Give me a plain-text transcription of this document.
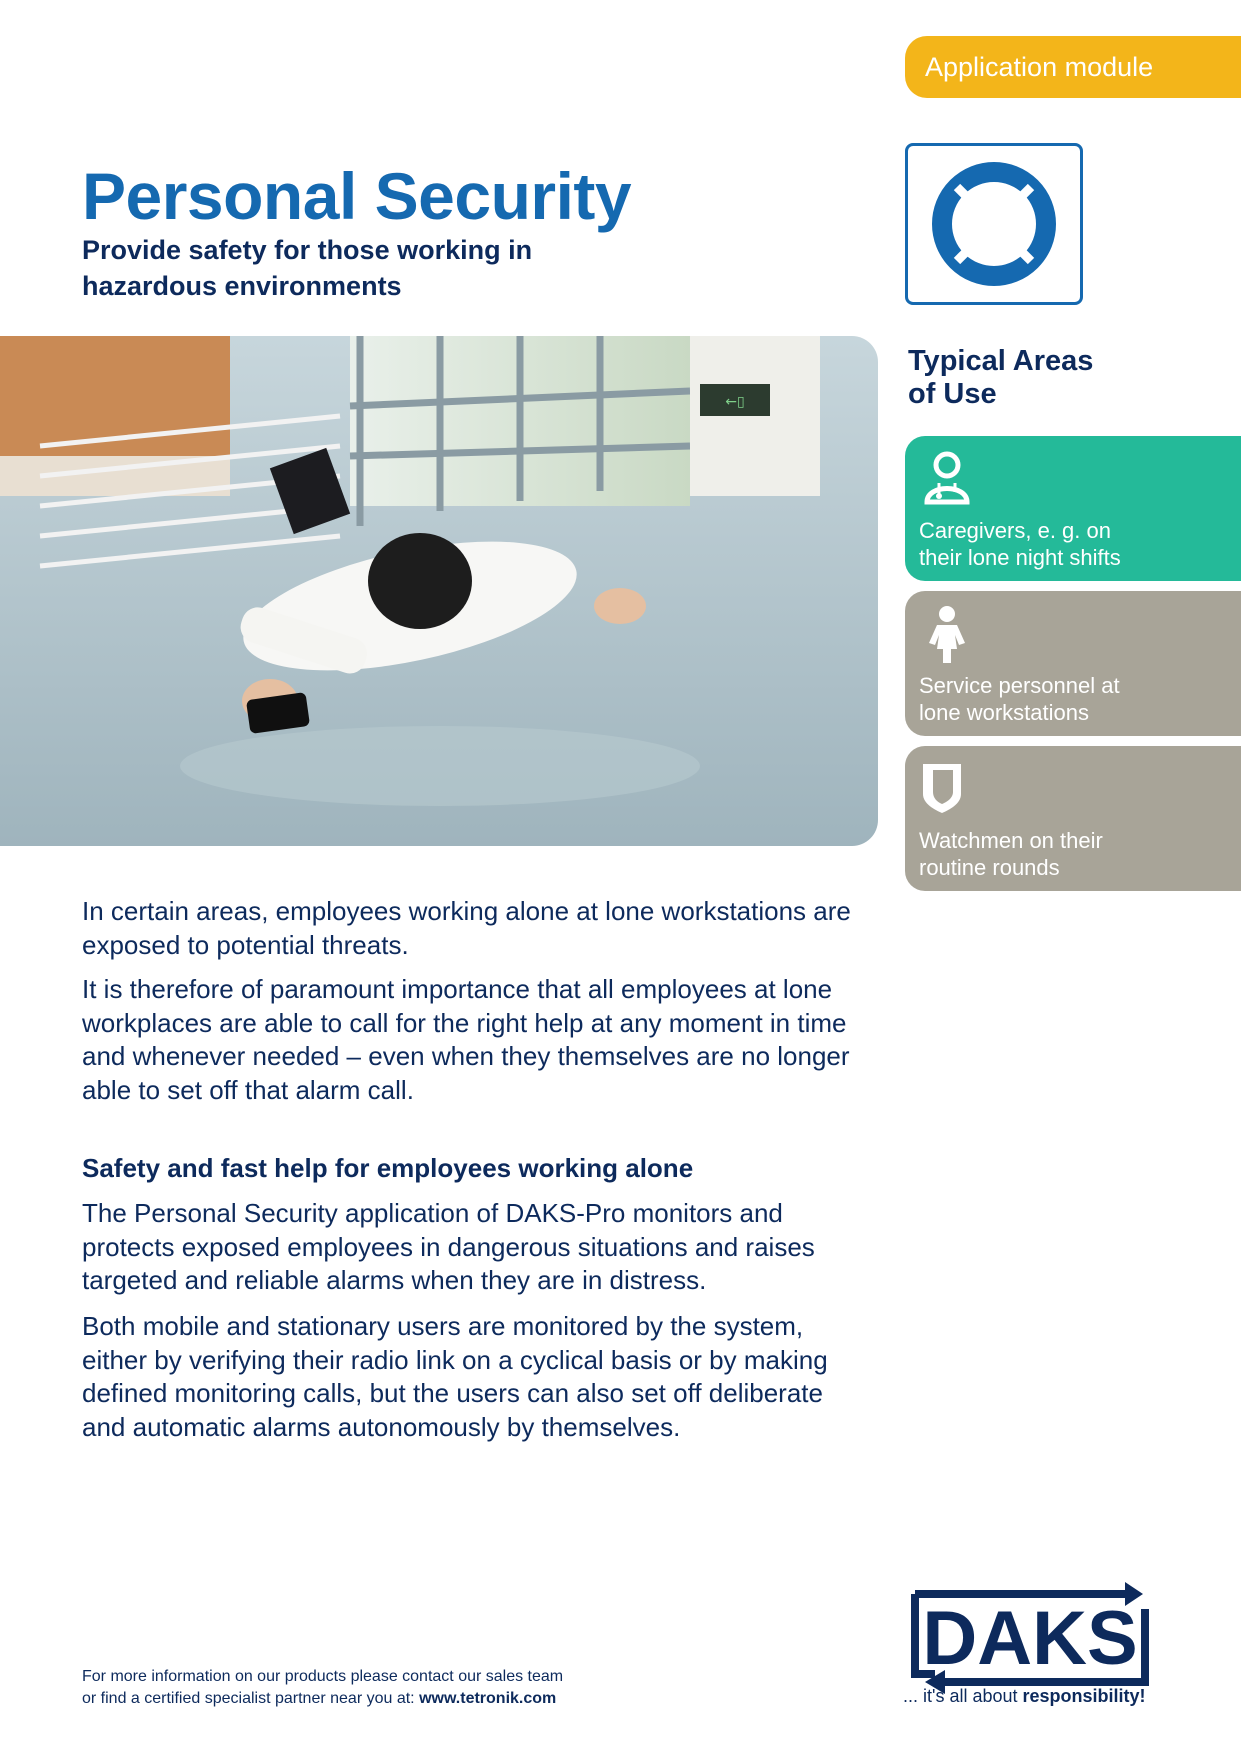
Application module
Personal Security

Provide safety for those working in hazardous environments

←▯
Typical Areas
of Use
Caregivers, e. g. on
their lone night shifts
Service personnel at
lone workstations
Watchmen on their
routine rounds

In certain areas, employees working alone at lone workstations are exposed to potential threats.

It is therefore of paramount importance that all employees at lone workplaces are able to call for the right help at any moment in time and whenever needed – even when they themselves are no longer able to set off that alarm call.

Safety and fast help for employees working alone

The Personal Security application of DAKS-Pro monitors and protects exposed employees in dangerous situations and raises targeted and reliable alarms when they are in distress.

Both mobile and stationary users are monitored by the system, either by verifying their radio link on a cyclical basis or by making defined monitoring calls, but the users can also set off deliberate and automatic alarms autonomously by themselves.

For more information on our products please contact our sales team
or find a certified specialist partner near you at: www.tetronik.com
DAKS
... it's all about responsibility!
